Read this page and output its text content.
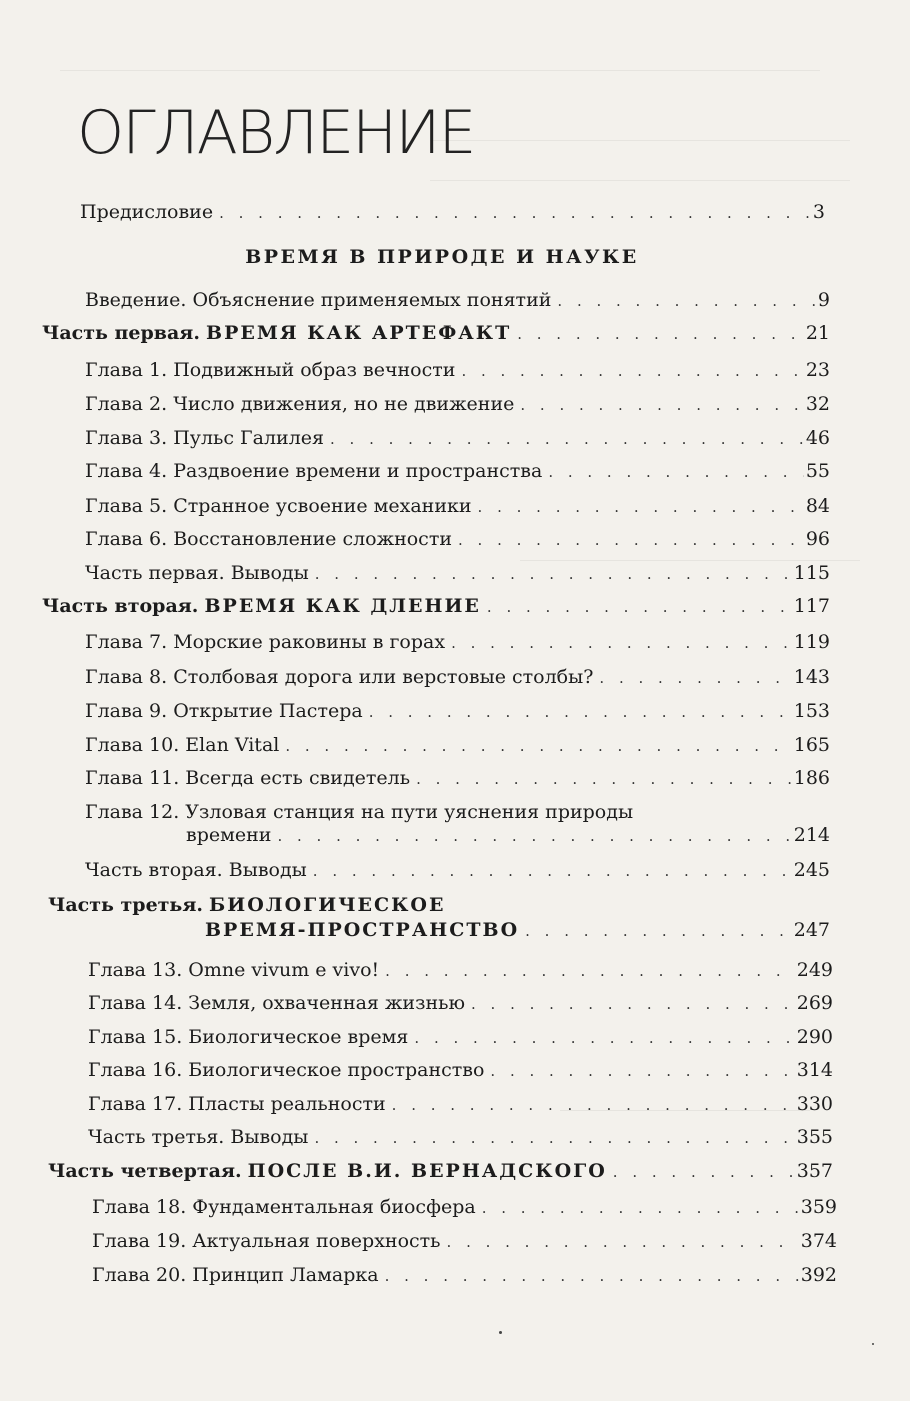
ОГЛАВЛЕНИЕ
Предисловие . . .	3
ВРЕМЯ В ПРИРОДЕ И НАУКЕ
Введение. Объяснение применяемых понятий . . .	9
Часть первая. ВРЕМЯ КАК АРТЕФАКТ . . .	21
Глава 1. Подвижный образ вечности . . .	23
Глава 2. Число движения, но не движение . . .	32
Глава 3. Пульс Галилея . . .	46
Глава 4. Раздвоение времени и пространства . . .	55
Глава 5. Странное усвоение механики . . .	84
Глава 6. Восстановление сложности . . .	96
Часть первая. Выводы . . .	115
Часть вторая. ВРЕМЯ КАК ДЛЕНИЕ . . .	117
Глава 7. Морские раковины в горах . . .	119
Глава 8. Столбовая дорога или верстовые столбы? . . .	143
Глава 9. Открытие Пастера . . .	153
Глава 10. Elan Vital . . .	165
Глава 11. Всегда есть свидетель . . .	186
Глава 12. Узловая станция на пути уяснения природы
времени . . .	214
Часть вторая. Выводы . . .	245
Часть третья. БИОЛОГИЧЕСКОЕ
ВРЕМЯ-ПРОСТРАНСТВО . . .	247
Глава 13. Omne vivum e vivo! . . .	249
Глава 14. Земля, охваченная жизнью . . .	269
Глава 15. Биологическое время . . .	290
Глава 16. Биологическое пространство . . .	314
Глава 17. Пласты реальности . . .	330
Часть третья. Выводы . . .	355
Часть четвертая. ПОСЛЕ В.И. ВЕРНАДСКОГО . . .	357
Глава 18. Фундаментальная биосфера . . .	359
Глава 19. Актуальная поверхность . . .	374
Глава 20. Принцип Ламарка . . .	392
